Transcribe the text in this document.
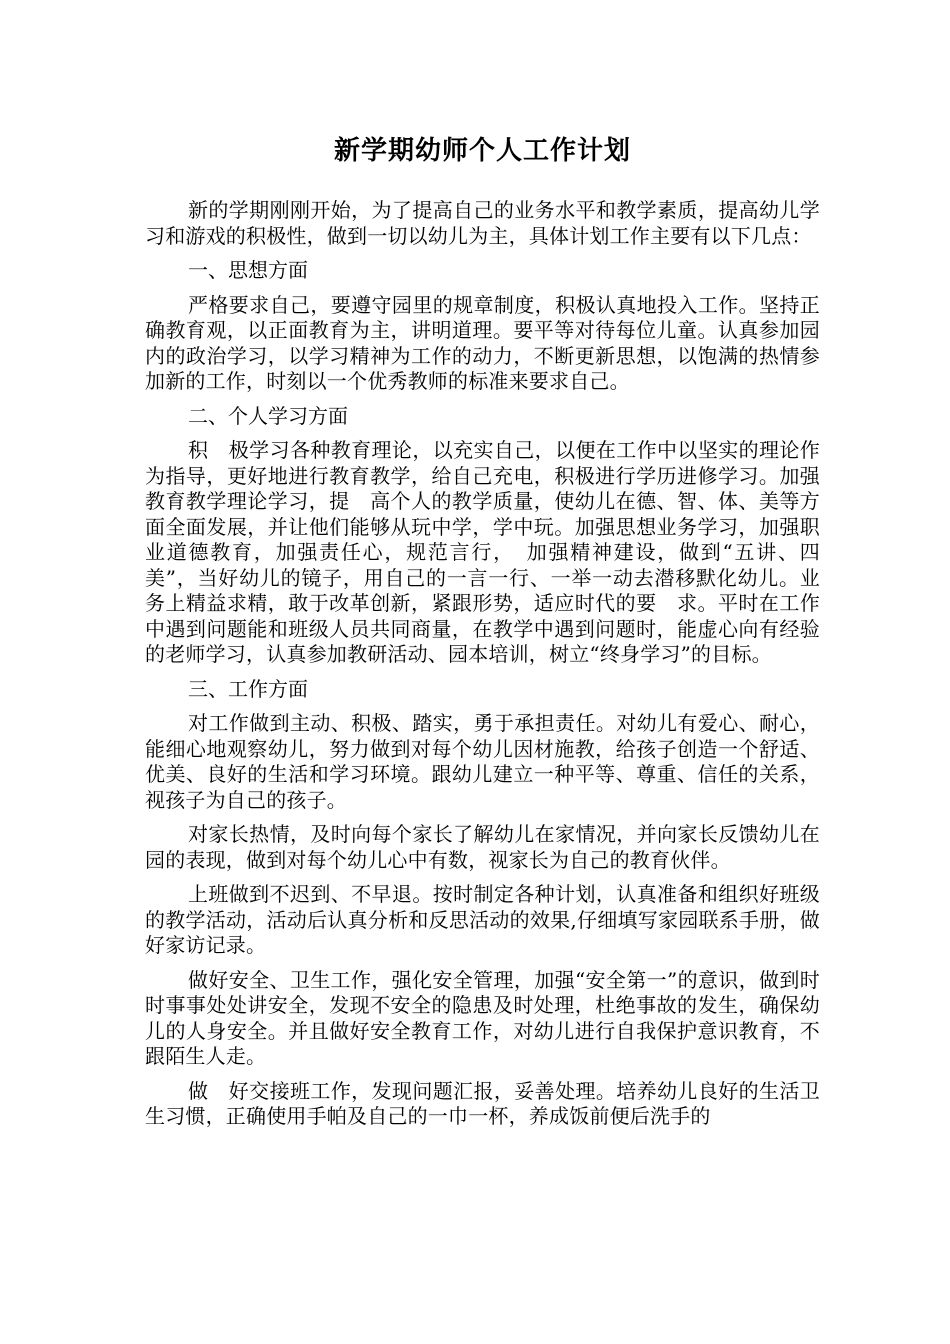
新学期幼师个人工作计划

新的学期刚刚开始，为了提高自己的业务水平和教学素质，提高幼儿学习和游戏的积极性，做到一切以幼儿为主，具体计划工作主要有以下几点：

一、思想方面

严格要求自己，要遵守园里的规章制度，积极认真地投入工作。坚持正确教育观，以正面教育为主，讲明道理。要平等对待每位儿童。认真参加园内的政治学习，以学习精神为工作的动力，不断更新思想，以饱满的热情参加新的工作，时刻以一个优秀教师的标准来要求自己。

二、个人学习方面

积　极学习各种教育理论，以充实自己，以便在工作中以坚实的理论作为指导，更好地进行教育教学，给自己充电，积极进行学历进修学习。加强教育教学理论学习，提　高个人的教学质量，使幼儿在德、智、体、美等方面全面发展，并让他们能够从玩中学，学中玩。加强思想业务学习，加强职业道德教育，加强责任心，规范言行，　加强精神建设，做到“五讲、四美”，当好幼儿的镜子，用自己的一言一行、一举一动去潜移默化幼儿。业务上精益求精，敢于改革创新，紧跟形势，适应时代的要　求。平时在工作中遇到问题能和班级人员共同商量，在教学中遇到问题时，能虚心向有经验的老师学习，认真参加教研活动、园本培训，树立“终身学习”的目标。

三、工作方面

对工作做到主动、积极、踏实，勇于承担责任。对幼儿有爱心、耐心，能细心地观察幼儿，努力做到对每个幼儿因材施教，给孩子创造一个舒适、优美、良好的生活和学习环境。跟幼儿建立一种平等、尊重、信任的关系，视孩子为自己的孩子。

对家长热情，及时向每个家长了解幼儿在家情况，并向家长反馈幼儿在园的表现，做到对每个幼儿心中有数，视家长为自己的教育伙伴。

上班做到不迟到、不早退。按时制定各种计划，认真准备和组织好班级的教学活动，活动后认真分析和反思活动的效果,仔细填写家园联系手册，做好家访记录。

做好安全、卫生工作，强化安全管理，加强“安全第一”的意识，做到时时事事处处讲安全，发现不安全的隐患及时处理，杜绝事故的发生，确保幼儿的人身安全。并且做好安全教育工作，对幼儿进行自我保护意识教育，不跟陌生人走。

做　好交接班工作，发现问题汇报，妥善处理。培养幼儿良好的生活卫生习惯，正确使用手帕及自己的一巾一杯，养成饭前便后洗手的
